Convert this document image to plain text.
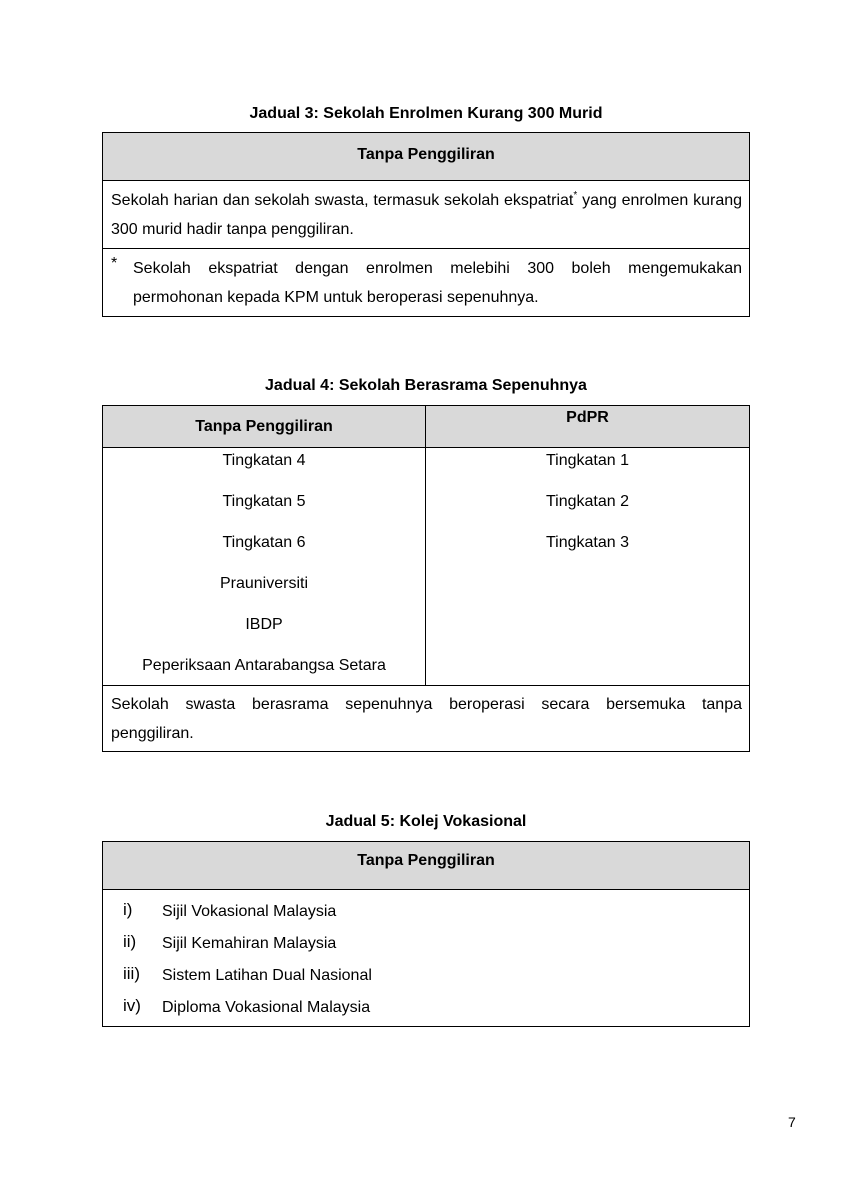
Jadual 3: Sekolah Enrolmen Kurang 300 Murid
Tanpa Penggiliran
Sekolah harian dan sekolah swasta, termasuk sekolah ekspatriat* yang enrolmen kurang 300 murid hadir tanpa penggiliran.
* Sekolah ekspatriat dengan enrolmen melebihi 300 boleh mengemukakan permohonan kepada KPM untuk beroperasi sepenuhnya.
Jadual 4: Sekolah Berasrama Sepenuhnya
Tanpa Penggiliran
Tingkatan 4
Tingkatan 5
Tingkatan 6
Prauniversiti
IBDP
Peperiksaan Antarabangsa Setara
PdPR
Tingkatan 1
Tingkatan 2
Tingkatan 3
Sekolah swasta berasrama sepenuhnya beroperasi secara bersemuka tanpa penggiliran.
Jadual 5: Kolej Vokasional
Tanpa Penggiliran
i) Sijil Vokasional Malaysia
ii) Sijil Kemahiran Malaysia
iii) Sistem Latihan Dual Nasional
iv) Diploma Vokasional Malaysia
7
